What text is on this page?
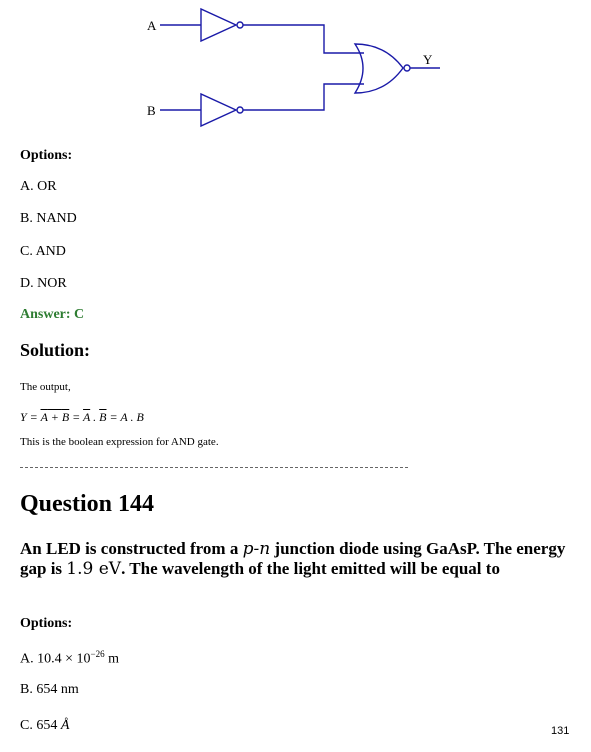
A
B
Y
Options:
A. OR
B. NAND
C. AND
D. NOR
Answer: C
Solution:
The output,
$Y = A + B = \overline{A}$ . $\overline{B} = A$ . B
This is the boolean expression for AND gate.
Question 144
An LED is constructed from a p-n junction diode using GaAsP. The energy gap is 1.9 eV. The wavelength of the light emitted will be equal to
Options:
A. $10.4 \times 10^{-26}$ m
B. 654 nm
C. 654 Å	131
